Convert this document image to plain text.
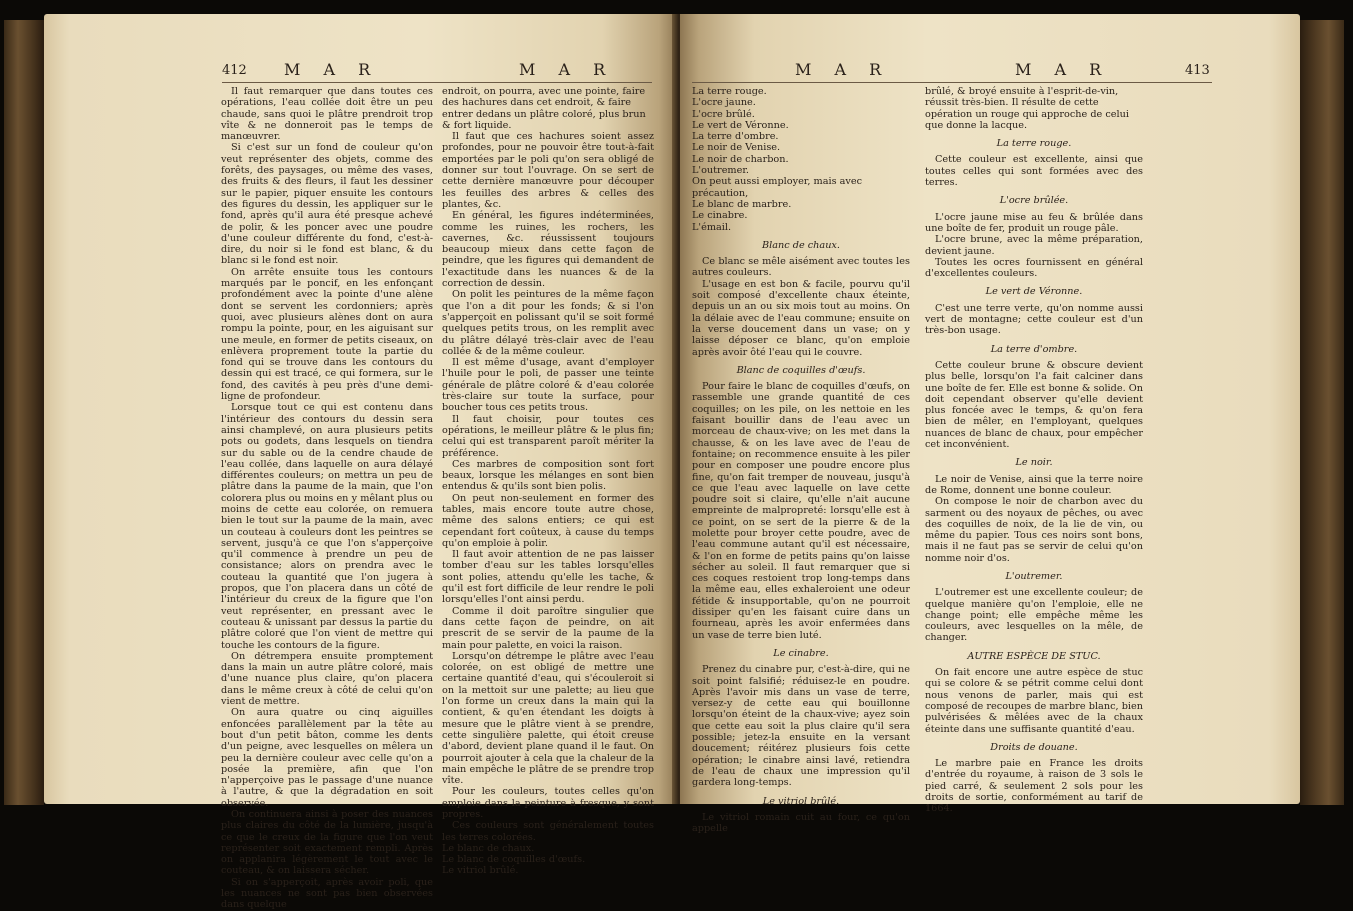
412 M A R	M A R

Il faut remarquer que dans toutes ces opérations, l'eau collée doit être un peu chaude, sans quoi le plâtre prendroit trop vîte & ne donneroit pas le temps de manœuvrer.

Si c'est sur un fond de couleur qu'on veut représenter des objets, comme des forêts, des paysages, ou même des vases, des fruits & des fleurs, il faut les dessiner sur le papier, piquer ensuite les contours des figures du dessin, les appliquer sur le fond, après qu'il aura été presque achevé de polir, & les poncer avec une poudre d'une couleur différente du fond, c'est-à-dire, du noir si le fond est blanc, & du blanc si le fond est noir.

On arrête ensuite tous les contours marqués par le poncif, en les enfonçant profondément avec la pointe d'une alène dont se servent les cordonniers; après quoi, avec plusieurs alènes dont on aura rompu la pointe, pour, en les aiguisant sur une meule, en former de petits ciseaux, on enlèvera proprement toute la partie du fond qui se trouve dans les contours du dessin qui est tracé, ce qui formera, sur le fond, des cavités à peu près d'une demi-ligne de profondeur.

Lorsque tout ce qui est contenu dans l'intérieur des contours du dessin sera ainsi champlevé, on aura plusieurs petits pots ou godets, dans lesquels on tiendra sur du sable ou de la cendre chaude de l'eau collée, dans laquelle on aura délayé différentes couleurs; on mettra un peu de plâtre dans la paume de la main, que l'on colorera plus ou moins en y mêlant plus ou moins de cette eau colorée, on remuera bien le tout sur la paume de la main, avec un couteau à couleurs dont les peintres se servent, jusqu'à ce que l'on s'apperçoive qu'il commence à prendre un peu de consistance; alors on prendra avec le couteau la quantité que l'on jugera à propos, que l'on placera dans un côté de l'intérieur du creux de la figure que l'on veut représenter, en pressant avec le couteau & unissant par dessus la partie du plâtre coloré que l'on vient de mettre qui touche les contours de la figure.

On détrempera ensuite promptement dans la main un autre plâtre coloré, mais d'une nuance plus claire, qu'on placera dans le même creux à côté de celui qu'on vient de mettre.

On aura quatre ou cinq aiguilles enfoncées parallèlement par la tête au bout d'un petit bâton, comme les dents d'un peigne, avec lesquelles on mêlera un peu la dernière couleur avec celle qu'on a posée la première, afin que l'on n'apperçoive pas le passage d'une nuance à l'autre, & que la dégradation en soit observée.

On continuera ainsi à poser des nuances plus claires du côté de la lumière, jusqu'à ce que le creux de la figure que l'on veut représenter soit exactement rempli. Après on applanira légèrement le tout avec le couteau, & on laissera sécher.

Si on s'apperçoit, après avoir poli, que les nuances ne sont pas bien observées dans quelque

endroit, on pourra, avec une pointe, faire des hachures dans cet endroit, & faire entrer dedans un plâtre coloré, plus brun & fort liquide.

Il faut que ces hachures soient assez profondes, pour ne pouvoir être tout-à-fait emportées par le poli qu'on sera obligé de donner sur tout l'ouvrage. On se sert de cette dernière manœuvre pour découper les feuilles des arbres & celles des plantes, &c.

En général, les figures indéterminées, comme les ruines, les rochers, les cavernes, &c. réussissent toujours beaucoup mieux dans cette façon de peindre, que les figures qui demandent de l'exactitude dans les nuances & de la correction de dessin.

On polit les peintures de la même façon que l'on a dit pour les fonds; & si l'on s'apperçoit en polissant qu'il se soit formé quelques petits trous, on les remplit avec du plâtre délayé très-clair avec de l'eau collée & de la même couleur.

Il est même d'usage, avant d'employer l'huile pour le poli, de passer une teinte générale de plâtre coloré & d'eau colorée très-claire sur toute la surface, pour boucher tous ces petits trous.

Il faut choisir, pour toutes ces opérations, le meilleur plâtre & le plus fin; celui qui est transparent paroît mériter la préférence.

Ces marbres de composition sont fort beaux, lorsque les mélanges en sont bien entendus & qu'ils sont bien polis.

On peut non-seulement en former des tables, mais encore toute autre chose, même des salons entiers; ce qui est cependant fort coûteux, à cause du temps qu'on emploie à polir.

Il faut avoir attention de ne pas laisser tomber d'eau sur les tables lorsqu'elles sont polies, attendu qu'elle les tache, & qu'il est fort difficile de leur rendre le poli lorsqu'elles l'ont ainsi perdu.

Comme il doit paroître singulier que dans cette façon de peindre, on ait prescrit de se servir de la paume de la main pour palette, en voici la raison.

Lorsqu'on détrempe le plâtre avec l'eau colorée, on est obligé de mettre une certaine quantité d'eau, qui s'écouleroit si on la mettoit sur une palette; au lieu que l'on forme un creux dans la main qui la contient, & qu'en étendant les doigts à mesure que le plâtre vient à se prendre, cette singulière palette, qui étoit creuse d'abord, devient plane quand il le faut. On pourroit ajouter à cela que la chaleur de la main empêche le plâtre de se prendre trop vîte.

Pour les couleurs, toutes celles qu'on emploie dans la peinture à fresque, y sont propres.

Ces couleurs sont généralement toutes les terres colorées.

Le blanc de chaux.

Le blanc de coquilles d'œufs.

Le vitriol brûlé.

M A R	M A R	413

La terre rouge.

L'ocre jaune.

L'ocre brûlé.

Le vert de Véronne.

La terre d'ombre.

Le noir de Venise.

Le noir de charbon.

L'outremer.

On peut aussi employer, mais avec précaution,

Le blanc de marbre.

Le cinabre.

L'émail.

Blanc de chaux.

Ce blanc se mêle aisément avec toutes les autres couleurs.

L'usage en est bon & facile, pourvu qu'il soit composé d'excellente chaux éteinte, depuis un an ou six mois tout au moins. On la délaie avec de l'eau commune; ensuite on la verse doucement dans un vase; on y laisse déposer ce blanc, qu'on emploie après avoir ôté l'eau qui le couvre.

Blanc de coquilles d'œufs.

Pour faire le blanc de coquilles d'œufs, on rassemble une grande quantité de ces coquilles; on les pile, on les nettoie en les faisant bouillir dans de l'eau avec un morceau de chaux-vive; on les met dans la chausse, & on les lave avec de l'eau de fontaine; on recommence ensuite à les piler pour en composer une poudre encore plus fine, qu'on fait tremper de nouveau, jusqu'à ce que l'eau avec laquelle on lave cette poudre soit si claire, qu'elle n'ait aucune empreinte de malpropreté: lorsqu'elle est à ce point, on se sert de la pierre & de la molette pour broyer cette poudre, avec de l'eau commune autant qu'il est nécessaire, & l'on en forme de petits pains qu'on laisse sécher au soleil. Il faut remarquer que si ces coques restoient trop long-temps dans la même eau, elles exhaleroient une odeur fétide & insupportable, qu'on ne pourroit dissiper qu'en les faisant cuire dans un fourneau, après les avoir enfermées dans un vase de terre bien luté.

Le cinabre.

Prenez du cinabre pur, c'est-à-dire, qui ne soit point falsifié; réduisez-le en poudre. Après l'avoir mis dans un vase de terre, versez-y de cette eau qui bouillonne lorsqu'on éteint de la chaux-vive; ayez soin que cette eau soit la plus claire qu'il sera possible; jetez-la ensuite en la versant doucement; réitérez plusieurs fois cette opération; le cinabre ainsi lavé, retiendra de l'eau de chaux une impression qu'il gardera long-temps.

Le vitriol brûlé.

Le vitriol romain cuit au four, ce qu'on appelle

brûlé, & broyé ensuite à l'esprit-de-vin, réussit très-bien. Il résulte de cette opération un rouge qui approche de celui que donne la lacque.

La terre rouge.

Cette couleur est excellente, ainsi que toutes celles qui sont formées avec des terres.

L'ocre brûlée.

L'ocre jaune mise au feu & brûlée dans une boîte de fer, produit un rouge pâle.

L'ocre brune, avec la même préparation, devient jaune.

Toutes les ocres fournissent en général d'excellentes couleurs.

Le vert de Véronne.

C'est une terre verte, qu'on nomme aussi vert de montagne; cette couleur est d'un très-bon usage.

La terre d'ombre.

Cette couleur brune & obscure devient plus belle, lorsqu'on l'a fait calciner dans une boîte de fer. Elle est bonne & solide. On doit cependant observer qu'elle devient plus foncée avec le temps, & qu'on fera bien de mêler, en l'employant, quelques nuances de blanc de chaux, pour empêcher cet inconvénient.

Le noir.

Le noir de Venise, ainsi que la terre noire de Rome, donnent une bonne couleur.

On compose le noir de charbon avec du sarment ou des noyaux de pêches, ou avec des coquilles de noix, de la lie de vin, ou même du papier. Tous ces noirs sont bons, mais il ne faut pas se servir de celui qu'on nomme noir d'os.

L'outremer.

L'outremer est une excellente couleur; de quelque manière qu'on l'emploie, elle ne change point; elle empêche même les couleurs, avec lesquelles on la mêle, de changer.

AUTRE ESPÈCE DE STUC.

On fait encore une autre espèce de stuc qui se colore & se pétrit comme celui dont nous venons de parler, mais qui est composé de recoupes de marbre blanc, bien pulvérisées & mêlées avec de la chaux éteinte dans une suffisante quantité d'eau.

Droits de douane.

Le marbre paie en France les droits d'entrée du royaume, à raison de 3 sols le pied carré, & seulement 2 sols pour les droits de sortie, conformément au tarif de 1664.
